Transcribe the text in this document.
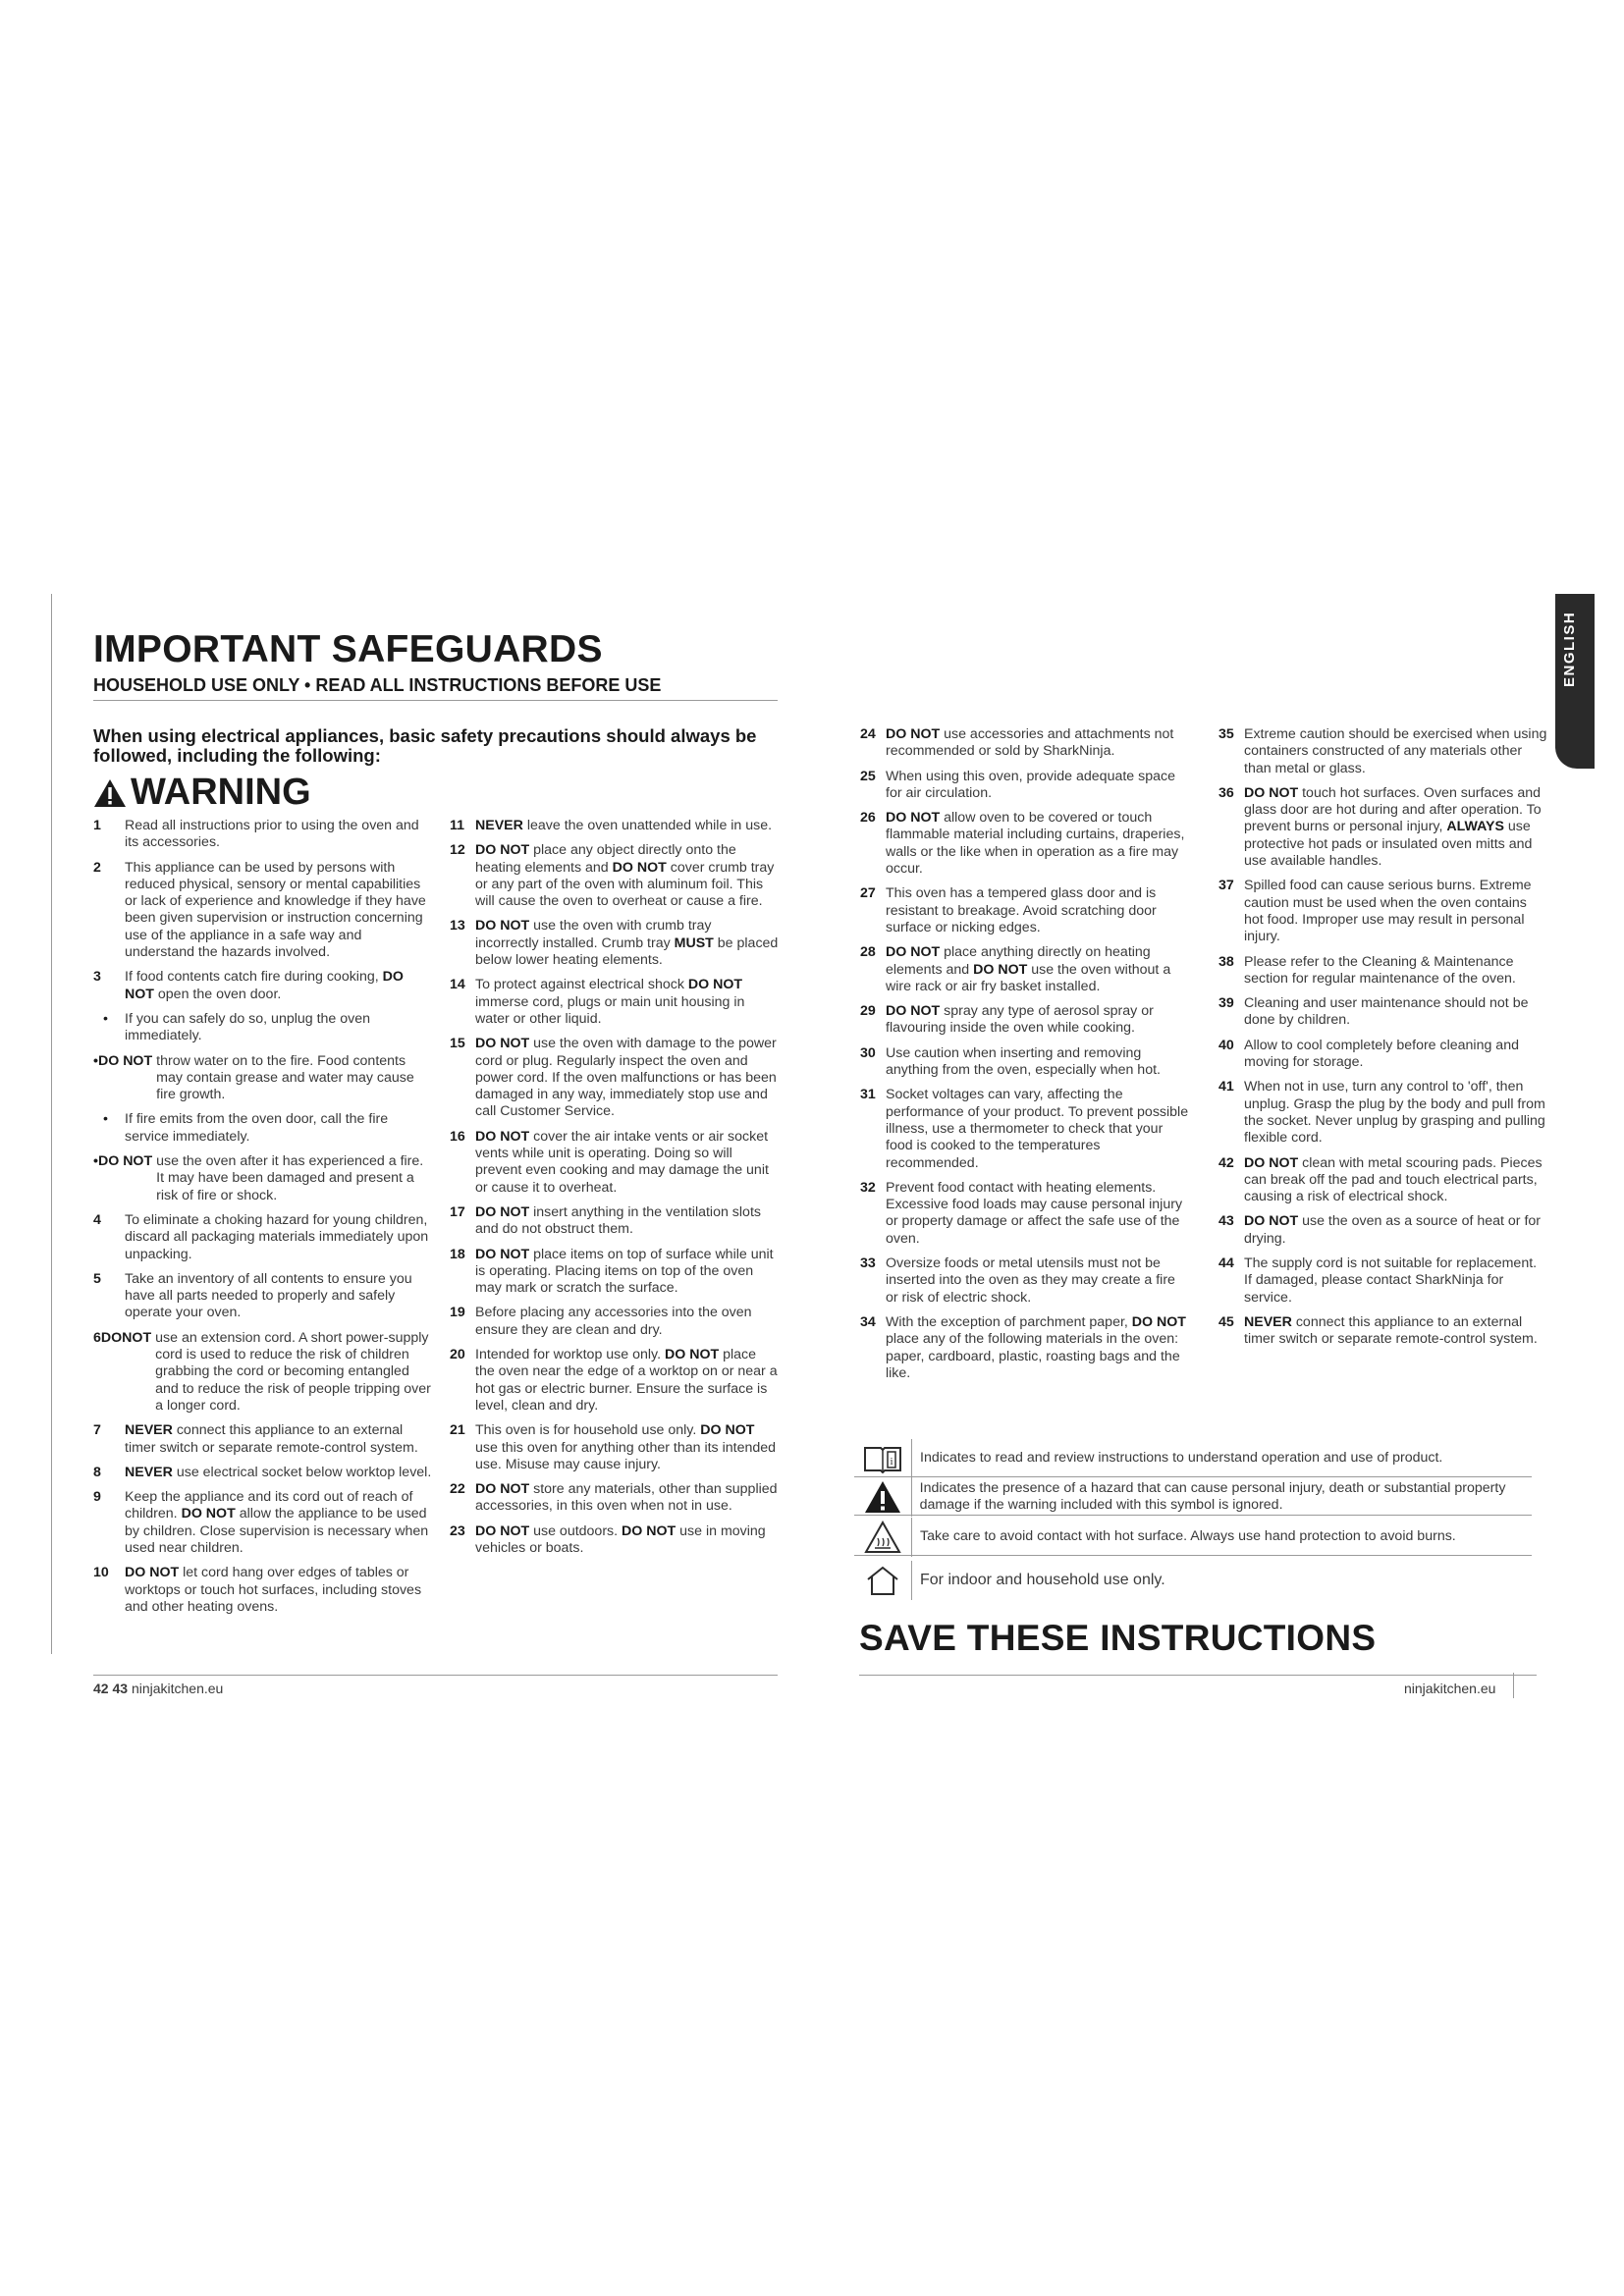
ENGLISH
IMPORTANT SAFEGUARDS
HOUSEHOLD USE ONLY • READ ALL INSTRUCTIONS BEFORE USE
When using electrical appliances, basic safety precautions should always be followed, including the following:
WARNING
1	Read all instructions prior to using the oven and its accessories.
2	This appliance can be used by persons with reduced physical, sensory or mental capabilities or lack of experience and knowledge if they have been given supervision or instruction concerning use of the appliance in a safe way and understand the hazards involved.
3	If food contents catch fire during cooking, DO NOT open the oven door.
•	If you can safely do so, unplug the oven immediately.
•DO NOT throw water on to the fire. Food contents may contain grease and water may cause fire growth.
•	If fire emits from the oven door, call the fire service immediately.
•DO NOT use the oven after it has experienced a fire. It may have been damaged and present a risk of fire or shock.
4	To eliminate a choking hazard for young children, discard all packaging materials immediately upon unpacking.
5	Take an inventory of all contents to ensure you have all parts needed to properly and safely operate your oven.
6DONOT use an extension cord. A short power-supply cord is used to reduce the risk of children grabbing the cord or becoming entangled and to reduce the risk of people tripping over a longer cord.
7	NEVER connect this appliance to an external timer switch or separate remote-control system.
8	NEVER use electrical socket below worktop level.
9	Keep the appliance and its cord out of reach of children. DO NOT allow the appliance to be used by children. Close supervision is necessary when used near children.
10	DO NOT let cord hang over edges of tables or worktops or touch hot surfaces, including stoves and other heating ovens.
11 NEVER leave the oven unattended while in use.
12 DO NOT place any object directly onto the heating elements and DO NOT cover crumb tray or any part of the oven with aluminum foil. This will cause the oven to overheat or cause a fire.
13 DO NOT use the oven with crumb tray incorrectly installed. Crumb tray MUST be placed below lower heating elements.
14 To protect against electrical shock DO NOT immerse cord, plugs or main unit housing in water or other liquid.
15 DO NOT use the oven with damage to the power cord or plug. Regularly inspect the oven and power cord. If the oven malfunctions or has been damaged in any way, immediately stop use and call Customer Service.
16 DO NOT cover the air intake vents or air socket vents while unit is operating. Doing so will prevent even cooking and may damage the unit or cause it to overheat.
17 DO NOT insert anything in the ventilation slots and do not obstruct them.
18 DO NOT place items on top of surface while unit is operating. Placing items on top of the oven may mark or scratch the surface.
19 Before placing any accessories into the oven ensure they are clean and dry.
20 Intended for worktop use only. DO NOT place the oven near the edge of a worktop on or near a hot gas or electric burner. Ensure the surface is level, clean and dry.
21 This oven is for household use only. DO NOT use this oven for anything other than its intended use. Misuse may cause injury.
22 DO NOT store any materials, other than supplied accessories, in this oven when not in use.
23 DO NOT use outdoors. DO NOT use in moving vehicles or boats.
24 DO NOT use accessories and attachments not recommended or sold by SharkNinja.
25 When using this oven, provide adequate space for air circulation.
26 DO NOT allow oven to be covered or touch flammable material including curtains, draperies, walls or the like when in operation as a fire may occur.
27 This oven has a tempered glass door and is resistant to breakage. Avoid scratching door surface or nicking edges.
28 DO NOT place anything directly on heating elements and DO NOT use the oven without a wire rack or air fry basket installed.
29 DO NOT spray any type of aerosol spray or flavouring inside the oven while cooking.
30 Use caution when inserting and removing anything from the oven, especially when hot.
31 Socket voltages can vary, affecting the performance of your product. To prevent possible illness, use a thermometer to check that your food is cooked to the temperatures recommended.
32 Prevent food contact with heating elements. Excessive food loads may cause personal injury or property damage or affect the safe use of the oven.
33 Oversize foods or metal utensils must not be inserted into the oven as they may create a fire or risk of electric shock.
34 With the exception of parchment paper, DO NOT place any of the following materials in the oven: paper, cardboard, plastic, roasting bags and the like.
35 Extreme caution should be exercised when using containers constructed of any materials other than metal or glass.
36 DO NOT touch hot surfaces. Oven surfaces and glass door are hot during and after operation. To prevent burns or personal injury, ALWAYS use protective hot pads or insulated oven mitts and use available handles.
37 Spilled food can cause serious burns. Extreme caution must be used when the oven contains hot food. Improper use may result in personal injury.
38 Please refer to the Cleaning & Maintenance section for regular maintenance of the oven.
39 Cleaning and user maintenance should not be done by children.
40 Allow to cool completely before cleaning and moving for storage.
41 When not in use, turn any control to 'off', then unplug. Grasp the plug by the body and pull from the socket. Never unplug by grasping and pulling flexible cord.
42 DO NOT clean with metal scouring pads. Pieces can break off the pad and touch electrical parts, causing a risk of electrical shock.
43 DO NOT use the oven as a source of heat or for drying.
44 The supply cord is not suitable for replacement. If damaged, please contact SharkNinja for service.
45 NEVER connect this appliance to an external timer switch or separate remote-control system.
i Indicates to read and review instructions to understand operation and use of product.
Indicates the presence of a hazard that can cause personal injury, death or substantial property damage if the warning included with this symbol is ignored.
Take care to avoid contact with hot surface. Always use hand protection to avoid burns.
For indoor and household use only.
SAVE THESE INSTRUCTIONS
42 43 ninjakitchen.eu	ninjakitchen.eu
